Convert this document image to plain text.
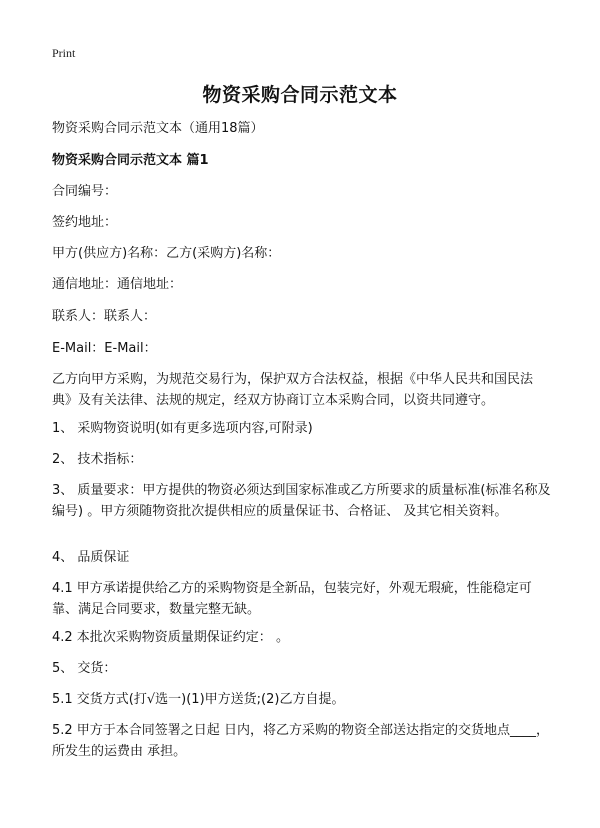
Print
物资采购合同示范文本

物资采购合同示范文本（通用18篇）

物资采购合同示范文本 篇1

合同编号：

签约地址：

甲方(供应方)名称：乙方(采购方)名称：

通信地址：通信地址：

联系人：联系人：

E-Mail：E-Mail：

乙方向甲方采购，为规范交易行为，保护双方合法权益，根据《中华人民共和国民法典》及有关法律、法规的规定，经双方协商订立本采购合同，以资共同遵守。

1、 采购物资说明(如有更多选项内容,可附录)

2、 技术指标：

3、 质量要求：甲方提供的物资必须达到国家标准或乙方所要求的质量标准(标准名称及编号) 。甲方须随物资批次提供相应的质量保证书、合格证、 及其它相关资料。

4、 品质保证

4.1 甲方承诺提供给乙方的采购物资是全新品，包装完好，外观无瑕疵，性能稳定可靠、满足合同要求，数量完整无缺。

4.2 本批次采购物资质量期保证约定： 。

5、 交货：

5.1 交货方式(打√选一)(1)甲方送货;(2)乙方自提。

5.2 甲方于本合同签署之日起 日内，将乙方采购的物资全部送达指定的交货地点____，所发生的运费由 承担。
